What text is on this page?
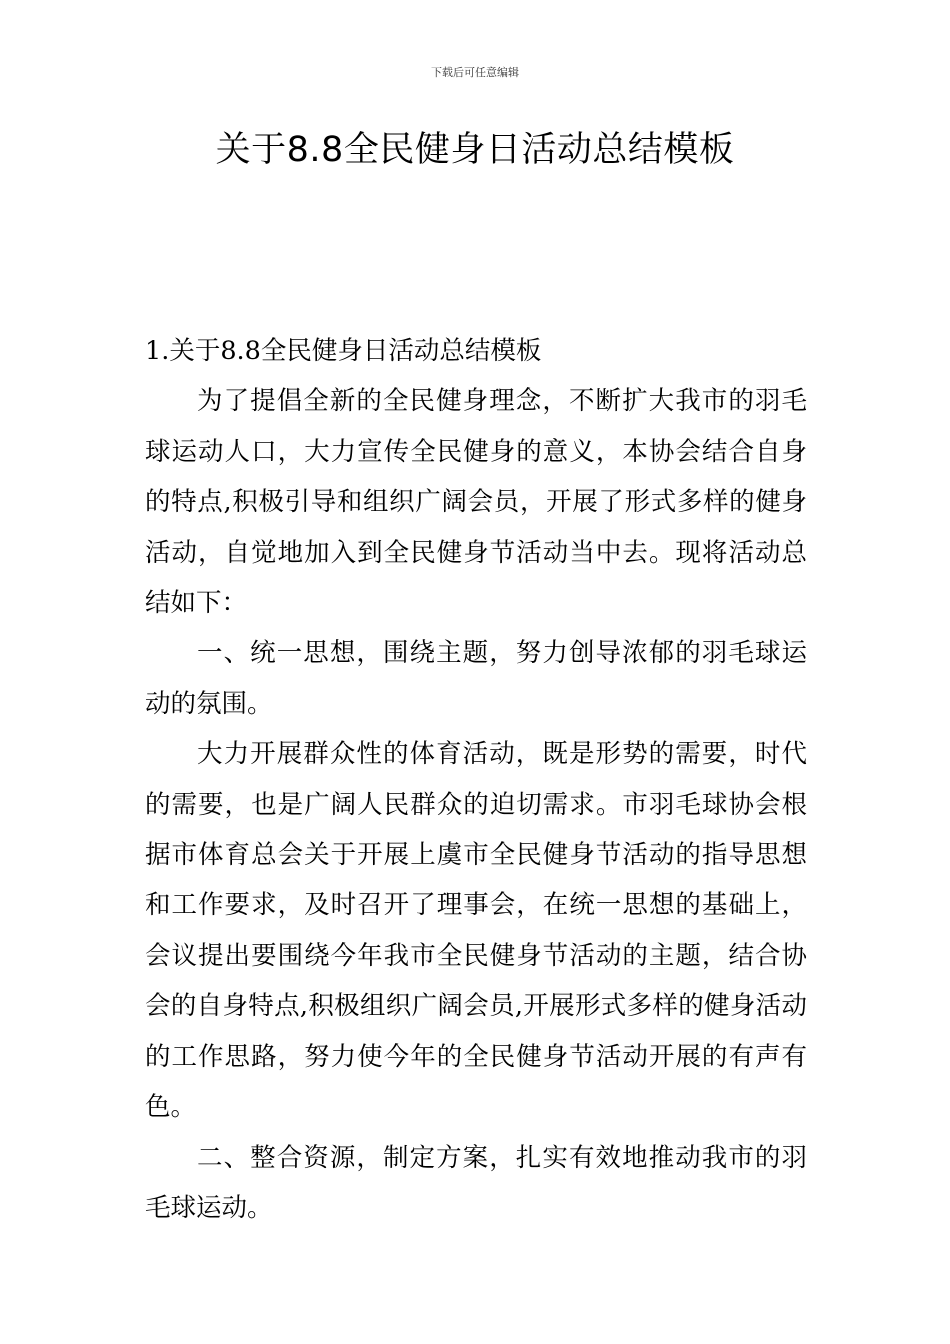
下载后可任意编辑
关于8.8全民健身日活动总结模板

1.关于8.8全民健身日活动总结模板

为了提倡全新的全民健身理念，不断扩大我市的羽毛球运动人口，大力宣传全民健身的意义，本协会结合自身的特点,积极引导和组织广阔会员，开展了形式多样的健身活动，自觉地加入到全民健身节活动当中去。现将活动总结如下：

一、统一思想，围绕主题，努力创导浓郁的羽毛球运动的氛围。

大力开展群众性的体育活动，既是形势的需要，时代的需要，也是广阔人民群众的迫切需求。市羽毛球协会根据市体育总会关于开展上虞市全民健身节活动的指导思想和工作要求，及时召开了理事会，在统一思想的基础上，会议提出要围绕今年我市全民健身节活动的主题，结合协会的自身特点,积极组织广阔会员,开展形式多样的健身活动的工作思路，努力使今年的全民健身节活动开展的有声有色。

二、整合资源，制定方案，扎实有效地推动我市的羽毛球运动。
